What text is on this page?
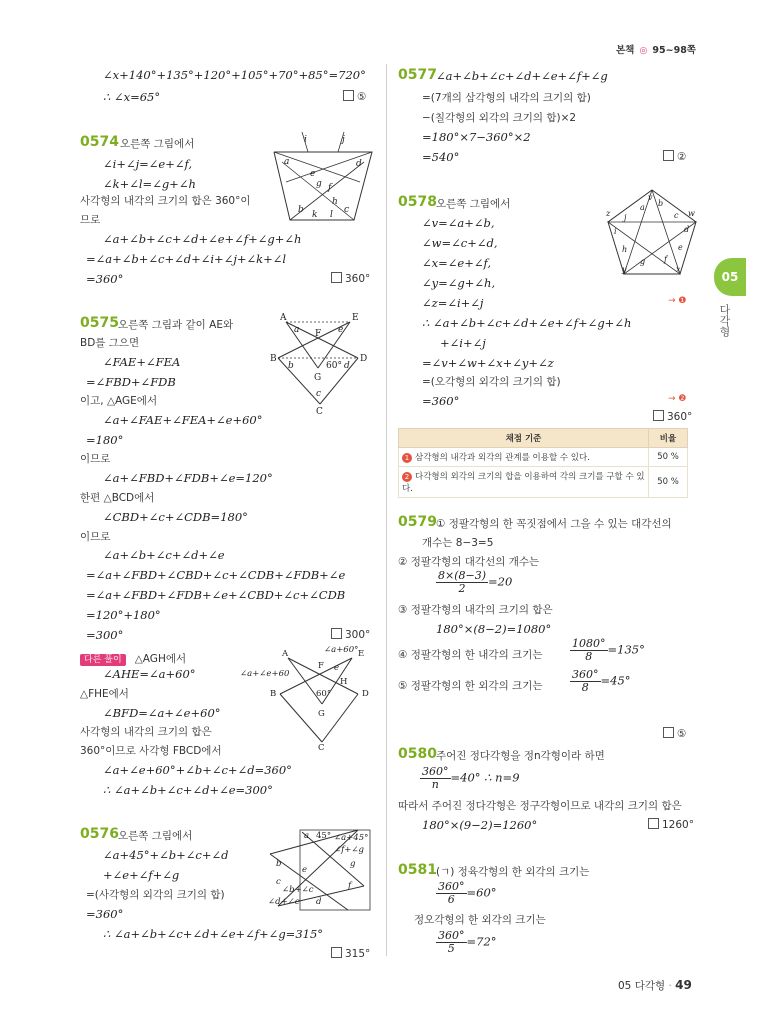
본책 ◎ 95~98쪽
05
다각형
∠x+140°+135°+120°+105°+70°+85°=720°
∴ ∠x=65°	⑤
0574 오른쪽 그림에서
∠i+∠j=∠e+∠f,
∠k+∠l=∠g+∠h
사각형의 내각의 크기의 합은 360°이
므로
∠a+∠b+∠c+∠d+∠e+∠f+∠g+∠h
=∠a+∠b+∠c+∠d+∠i+∠j+∠k+∠l
=360°	360°
i	j
a	d
e
f
g
h
b k l c
0575 오른쪽 그림과 같이 AE와
BD를 그으면
∠FAE+∠FEA
=∠FBD+∠FDB
이고, △AGE에서
∠a+∠FAE+∠FEA+∠e+60°
=180°
이므로
∠a+∠FBD+∠FDB+∠e=120°
한편 △BCD에서
∠CBD+∠c+∠CDB=180°
이므로
∠a+∠b+∠c+∠d+∠e
=∠a+∠FBD+∠CBD+∠c+∠CDB+∠FDB+∠e
=∠a+∠FBD+∠FDB+∠e+∠CBD+∠c+∠CDB
=120°+180°
=300°	300°
A	E
a	e
F
B	D
60° d
G
b
c
C
다른 풀이 △AGH에서
∠AHE=∠a+60°
△FHE에서
∠BFD=∠a+∠e+60°
사각형의 내각의 크기의 합은
360°이므로 사각형 FBCD에서
∠a+∠e+60°+∠b+∠c+∠d=360°
∴ ∠a+∠b+∠c+∠d+∠e=300°
A	∠a+60° E
∠a+∠e+60
F e
H
B	60°	D
G
C
0576 오른쪽 그림에서
∠a+45°+∠b+∠c+∠d
+∠e+∠f+∠g
=(사각형의 외각의 크기의 합)
=360°
∴ ∠a+∠b+∠c+∠d+∠e+∠f+∠g=315°
315°
a 45° ∠a+45°
∠f+∠g
b
e
g
f
c
∠b+∠c
∠d+∠e d
0577 ∠a+∠b+∠c+∠d+∠e+∠f+∠g
=(7개의 삼각형의 내각의 크기의 합)
−(칠각형의 외각의 크기의 합)×2
=180°×7−360°×2
=540°	②
0578 오른쪽 그림에서
∠v=∠a+∠b,
∠w=∠c+∠d,
∠x=∠e+∠f,
∠y=∠g+∠h,
∠z=∠i+∠j	→ ❶
∴ ∠a+∠b+∠c+∠d+∠e+∠f+∠g+∠h
+∠i+∠j
=∠v+∠w+∠x+∠y+∠z
=(오각형의 외각의 크기의 합)
=360°	→ ❷
360°
a b
c
d
e
f
g
h
i
j
v
w
x
y
z
채점 기준	비율
1 삼각형의 내각과 외각의 관계를 이용할 수 있다.	50 %
2 다각형의 외각의 크기의 합을 이용하여 각의 크기를 구할 수 있다.	50 %
0579 ① 정팔각형의 한 꼭짓점에서 그을 수 있는 대각선의
개수는 8−3=5
② 정팔각형의 대각선의 개수는
$\frac{8\times(8-3)}{2} =20$
③ 정팔각형의 내각의 크기의 합은
180°×(8−2)=1080°
④ 정팔각형의 한 내각의 크기는	$\frac{1080^\circ}{8} =135^\circ$
⑤ 정팔각형의 한 외각의 크기는	$\frac{360^\circ}{8} =45^\circ$
⑤
0580 주어진 정다각형을 정n각형이라 하면
$\frac{360^\circ}{n} =40^\circ$ ∴ n=9
따라서 주어진 정다각형은 정구각형이므로 내각의 크기의 합은
180°×(9−2)=1260°	1260°
0581 (ㄱ) 정육각형의 한 외각의 크기는
$\frac{360^\circ}{6} =60^\circ$
정오각형의 한 외각의 크기는
$\frac{360^\circ}{5} =72^\circ$
05 다각형 · 49
